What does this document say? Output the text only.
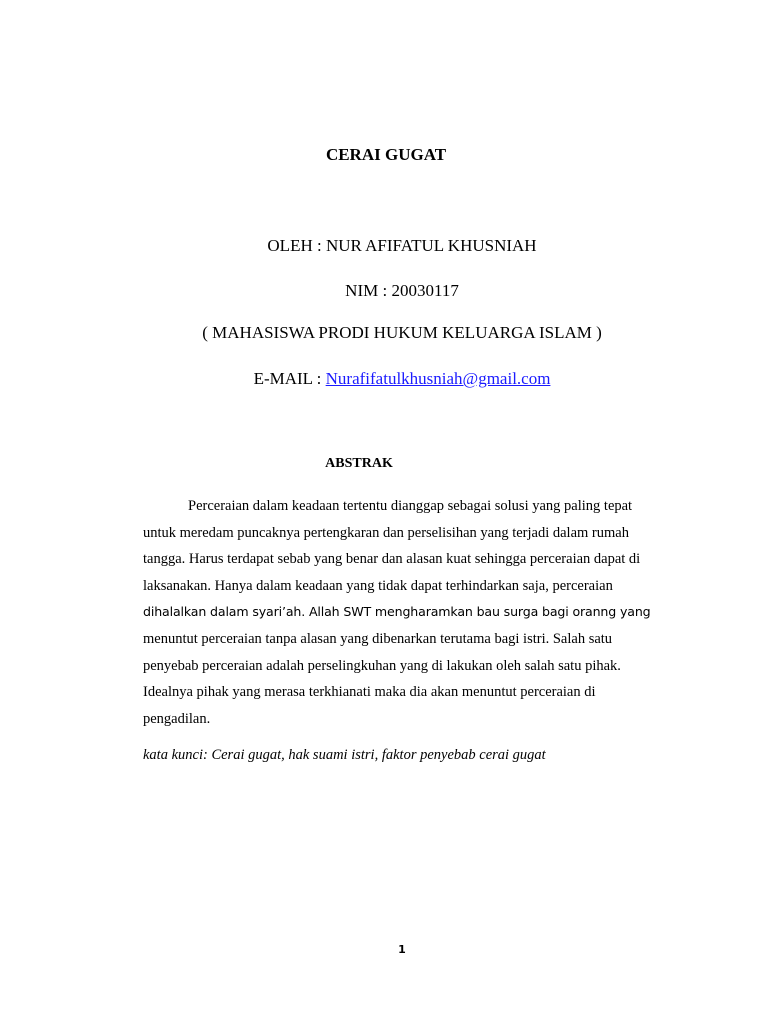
CERAI GUGAT
OLEH : NUR AFIFATUL KHUSNIAH
NIM : 20030117
( MAHASISWA PRODI HUKUM KELUARGA ISLAM )
E-MAIL : Nurafifatulkhusniah@gmail.com
ABSTRAK
Perceraian dalam keadaan tertentu dianggap sebagai solusi yang paling tepat
untuk meredam puncaknya pertengkaran dan perselisihan yang terjadi dalam rumah
tangga. Harus terdapat sebab yang benar dan alasan kuat sehingga perceraian dapat di
laksanakan. Hanya dalam keadaan yang tidak dapat terhindarkan saja, perceraian
dihalalkan dalam syari’ah. Allah SWT mengharamkan bau surga bagi oranng yang
menuntut perceraian tanpa alasan yang dibenarkan terutama bagi istri. Salah satu
penyebab perceraian adalah perselingkuhan yang di lakukan oleh salah satu pihak.
Idealnya pihak yang merasa terkhianati maka dia akan menuntut perceraian di
pengadilan.
kata kunci: Cerai gugat, hak suami istri, faktor penyebab cerai gugat
1
